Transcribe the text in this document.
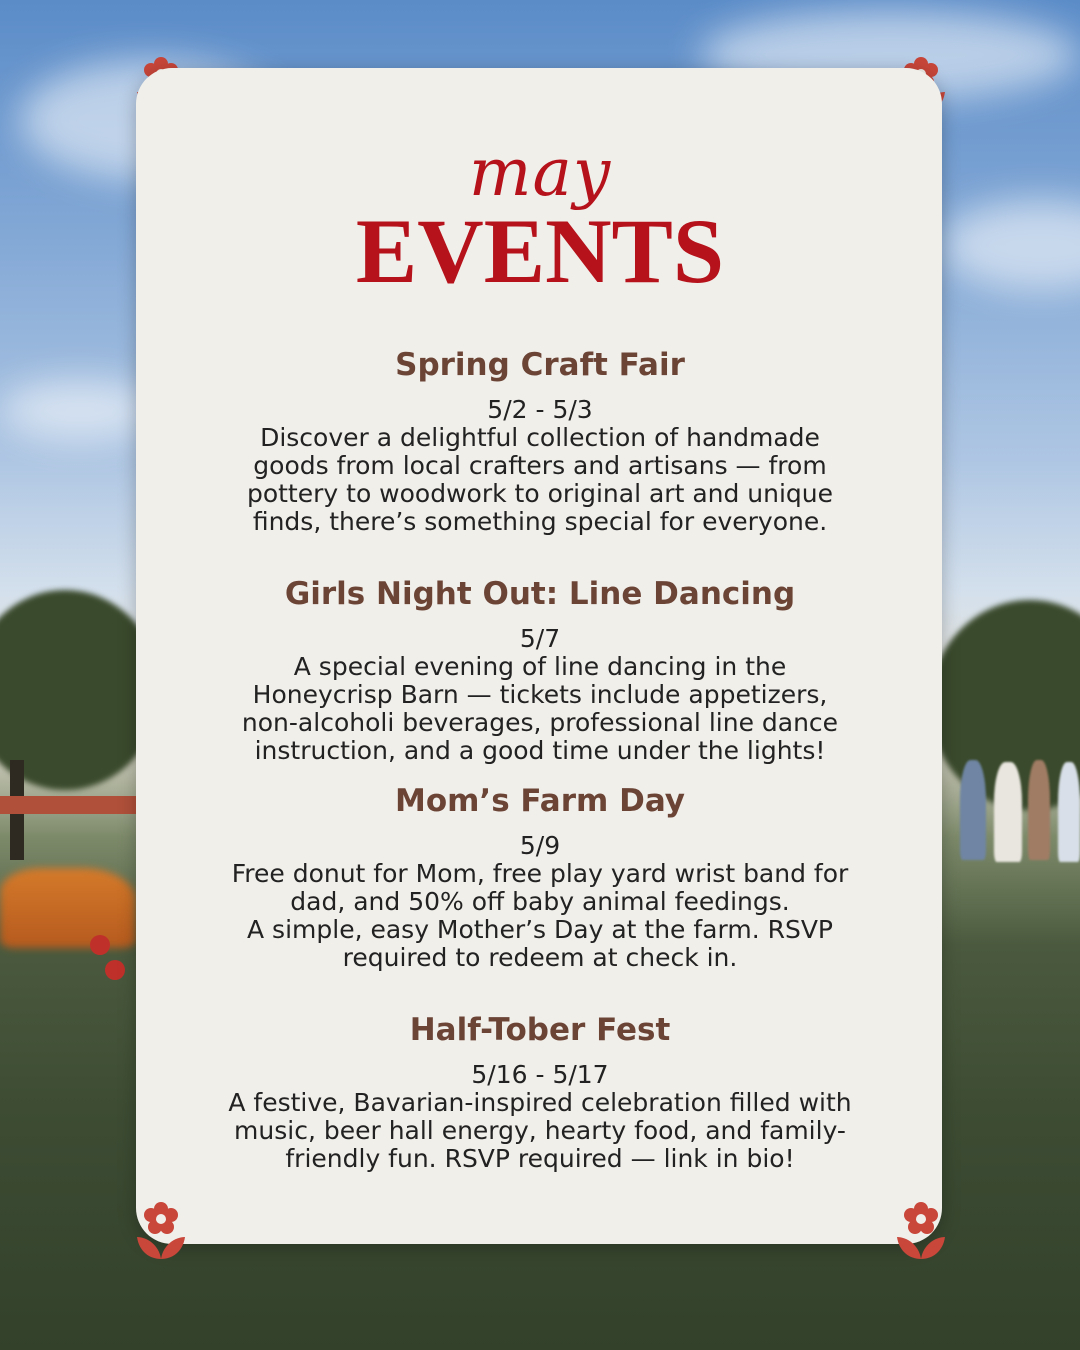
may
EVENTS

Spring Craft Fair

5/2 - 5/3

Discover a delightful collection of handmade
goods from local crafters and artisans — from
pottery to woodwork to original art and unique
finds, there’s something special for everyone.

Girls Night Out: Line Dancing

5/7

A special evening of line dancing in the
Honeycrisp Barn — tickets include appetizers,
non-alcoholi beverages, professional line dance
instruction, and a good time under the lights!

Mom’s Farm Day

5/9

Free donut for Mom, free play yard wrist band for
dad, and 50% off baby animal feedings.
A simple, easy Mother’s Day at the farm. RSVP
required to redeem at check in.

Half-Tober Fest

5/16 - 5/17

A festive, Bavarian-inspired celebration filled with
music, beer hall energy, hearty food, and family-
friendly fun. RSVP required — link in bio!
